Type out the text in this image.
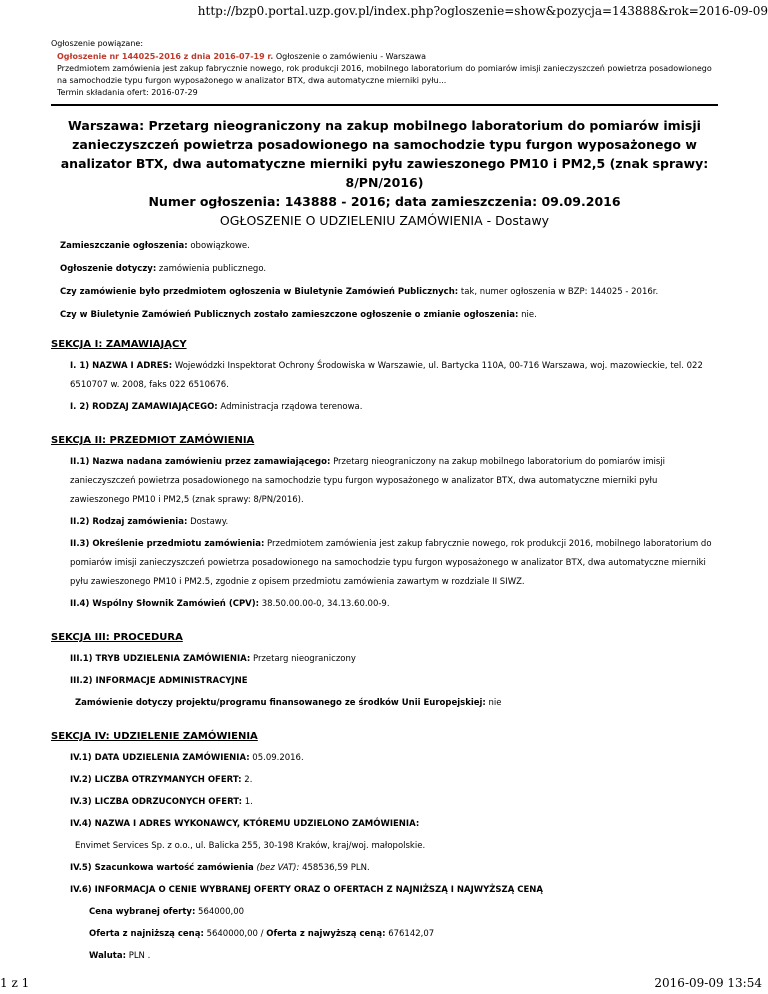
http://bzp0.portal.uzp.gov.pl/index.php?ogloszenie=show&pozycja=143888&rok=2016-09-09
Ogłoszenie powiązane:
Ogłoszenie nr 144025-2016 z dnia 2016-07-19 r. Ogłoszenie o zamówieniu - Warszawa
Przedmiotem zamówienia jest zakup fabrycznie nowego, rok produkcji 2016, mobilnego laboratorium do pomiarów imisji zanieczyszczeń powietrza posadowionego na samochodzie typu furgon wyposażonego w analizator BTX, dwa automatyczne mierniki pyłu...
Termin składania ofert: 2016-07-29
Warszawa: Przetarg nieograniczony na zakup mobilnego laboratorium do pomiarów imisji zanieczyszczeń powietrza posadowionego na samochodzie typu furgon wyposażonego w analizator BTX, dwa automatyczne mierniki pyłu zawieszonego PM10 i PM2,5 (znak sprawy: 8/PN/2016)
Numer ogłoszenia: 143888 - 2016; data zamieszczenia: 09.09.2016
OGŁOSZENIE O UDZIELENIU ZAMÓWIENIA - Dostawy

Zamieszczanie ogłoszenia: obowiązkowe.

Ogłoszenie dotyczy: zamówienia publicznego.

Czy zamówienie było przedmiotem ogłoszenia w Biuletynie Zamówień Publicznych: tak, numer ogłoszenia w BZP: 144025 - 2016r.

Czy w Biuletynie Zamówień Publicznych zostało zamieszczone ogłoszenie o zmianie ogłoszenia: nie.

SEKCJA I: ZAMAWIAJĄCY

I. 1) NAZWA I ADRES: Wojewódzki Inspektorat Ochrony Środowiska w Warszawie, ul. Bartycka 110A, 00-716 Warszawa, woj. mazowieckie, tel. 022 6510707 w. 2008, faks 022 6510676.

I. 2) RODZAJ ZAMAWIAJĄCEGO: Administracja rządowa terenowa.

SEKCJA II: PRZEDMIOT ZAMÓWIENIA

II.1) Nazwa nadana zamówieniu przez zamawiającego: Przetarg nieograniczony na zakup mobilnego laboratorium do pomiarów imisji zanieczyszczeń powietrza posadowionego na samochodzie typu furgon wyposażonego w analizator BTX, dwa automatyczne mierniki pyłu zawieszonego PM10 i PM2,5 (znak sprawy: 8/PN/2016).

II.2) Rodzaj zamówienia: Dostawy.

II.3) Określenie przedmiotu zamówienia: Przedmiotem zamówienia jest zakup fabrycznie nowego, rok produkcji 2016, mobilnego laboratorium do pomiarów imisji zanieczyszczeń powietrza posadowionego na samochodzie typu furgon wyposażonego w analizator BTX, dwa automatyczne mierniki pyłu zawieszonego PM10 i PM2.5, zgodnie z opisem przedmiotu zamówienia zawartym w rozdziale II SIWZ.

II.4) Wspólny Słownik Zamówień (CPV): 38.50.00.00-0, 34.13.60.00-9.

SEKCJA III: PROCEDURA

III.1) TRYB UDZIELENIA ZAMÓWIENIA: Przetarg nieograniczony

III.2) INFORMACJE ADMINISTRACYJNE

Zamówienie dotyczy projektu/programu finansowanego ze środków Unii Europejskiej: nie

SEKCJA IV: UDZIELENIE ZAMÓWIENIA

IV.1) DATA UDZIELENIA ZAMÓWIENIA: 05.09.2016.

IV.2) LICZBA OTRZYMANYCH OFERT: 2.

IV.3) LICZBA ODRZUCONYCH OFERT: 1.

IV.4) NAZWA I ADRES WYKONAWCY, KTÓREMU UDZIELONO ZAMÓWIENIA:

Envimet Services Sp. z o.o., ul. Balicka 255, 30-198 Kraków, kraj/woj. małopolskie.

IV.5) Szacunkowa wartość zamówienia (bez VAT): 458536,59 PLN.

IV.6) INFORMACJA O CENIE WYBRANEJ OFERTY ORAZ O OFERTACH Z NAJNIŻSZĄ I NAJWYŻSZĄ CENĄ

Cena wybranej oferty: 564000,00

Oferta z najniższą ceną: 5640000,00 / Oferta z najwyższą ceną: 676142,07

Waluta: PLN .

1 z 1	2016-09-09 13:54
